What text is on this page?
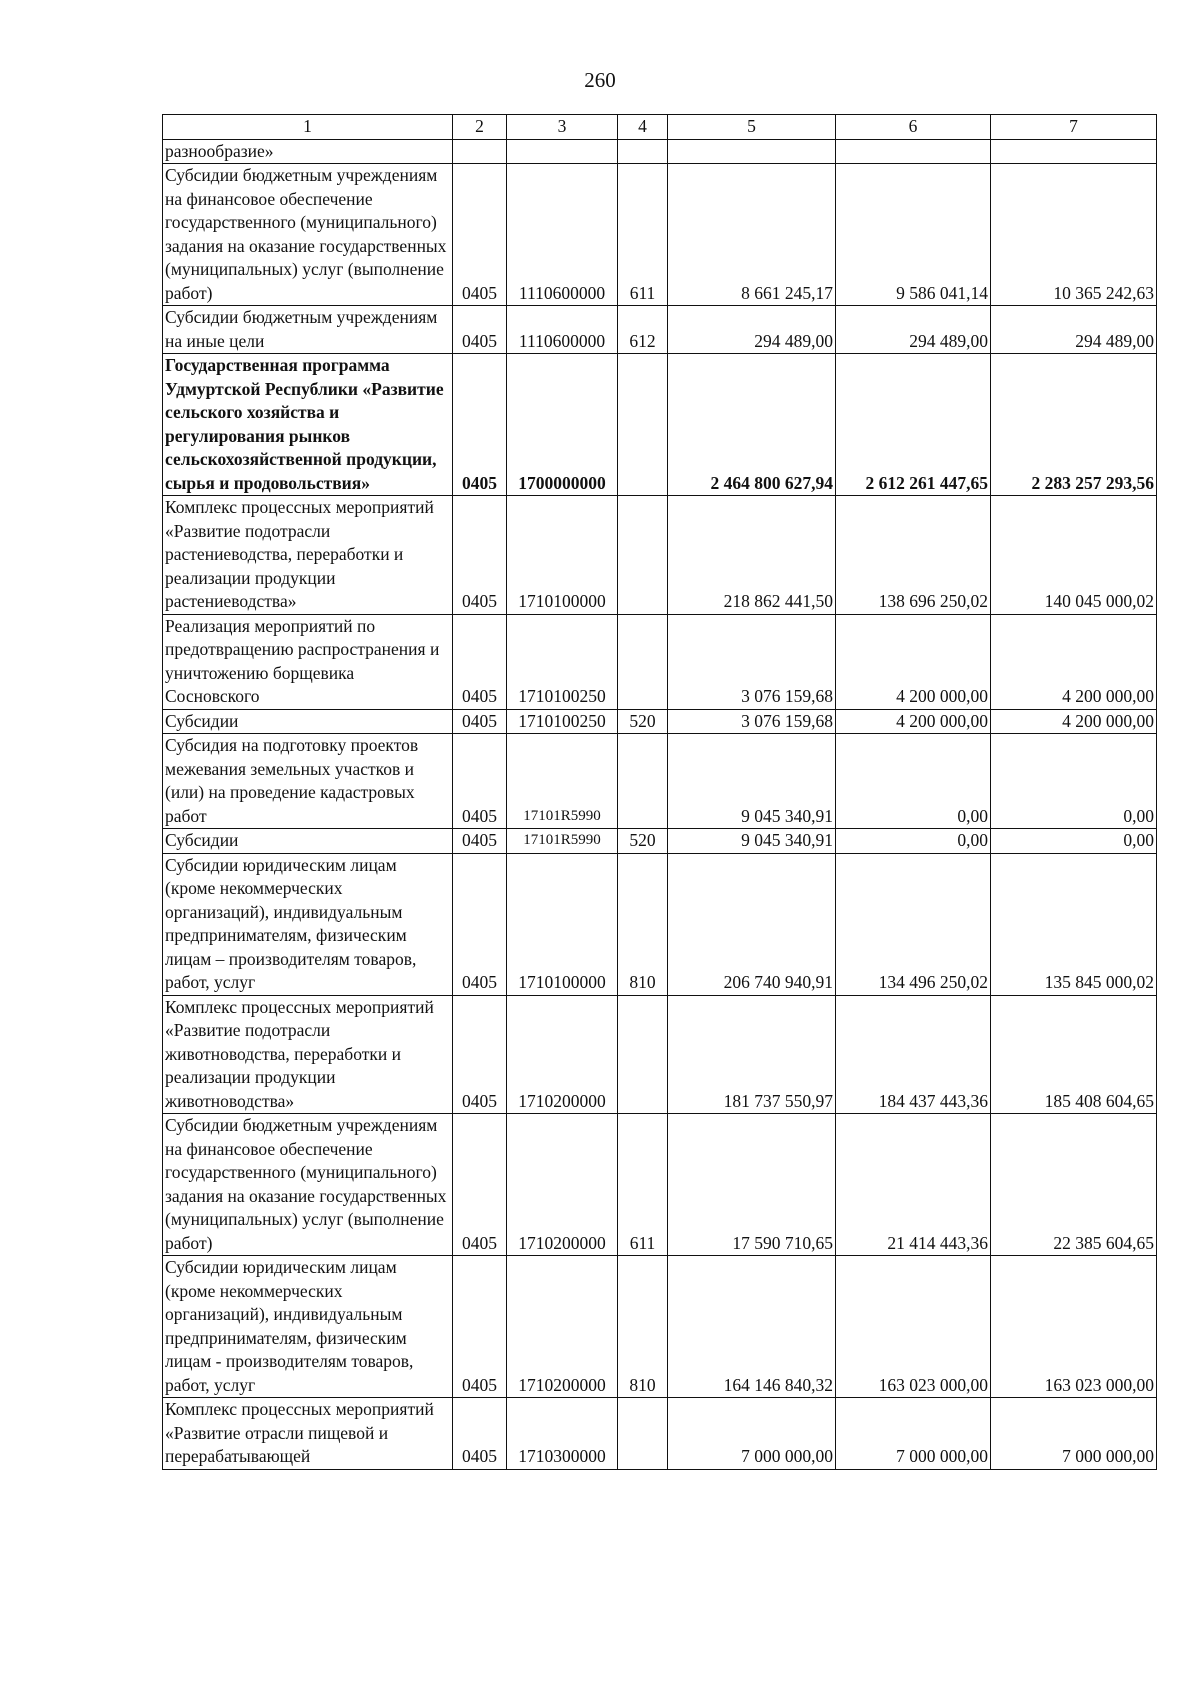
260
1	2	3	4	5	6	7
разнообразие»						
Субсидии бюджетным учреждениям на финансовое обеспечение государственного (муниципального) задания на оказание государственных (муниципальных) услуг (выполнение работ)	0405	1110600000	611	8 661 245,17	9 586 041,14	10 365 242,63
Субсидии бюджетным учреждениям на иные цели	0405	1110600000	612	294 489,00	294 489,00	294 489,00
Государственная программа Удмуртской Республики «Развитие сельского хозяйства и регулирования рынков сельскохозяйственной продукции, сырья и продовольствия»	0405	1700000000		2 464 800 627,94	2 612 261 447,65	2 283 257 293,56
Комплекс процессных мероприятий «Развитие подотрасли растениеводства, переработки и реализации продукции растениеводства»	0405	1710100000		218 862 441,50	138 696 250,02	140 045 000,02
Реализация мероприятий по предотвращению распространения и уничтожению борщевика Сосновского	0405	1710100250		3 076 159,68	4 200 000,00	4 200 000,00
Субсидии	0405	1710100250	520	3 076 159,68	4 200 000,00	4 200 000,00
Субсидия на подготовку проектов межевания земельных участков и (или) на проведение кадастровых работ	0405	17101R5990		9 045 340,91	0,00	0,00
Субсидии	0405	17101R5990	520	9 045 340,91	0,00	0,00
Субсидии юридическим лицам (кроме некоммерческих организаций), индивидуальным предпринимателям, физическим лицам – производителям товаров, работ, услуг	0405	1710100000	810	206 740 940,91	134 496 250,02	135 845 000,02
Комплекс процессных мероприятий «Развитие подотрасли животноводства, переработки и реализации продукции животноводства»	0405	1710200000		181 737 550,97	184 437 443,36	185 408 604,65
Субсидии бюджетным учреждениям на финансовое обеспечение государственного (муниципального) задания на оказание государственных (муниципальных) услуг (выполнение работ)	0405	1710200000	611	17 590 710,65	21 414 443,36	22 385 604,65
Субсидии юридическим лицам (кроме некоммерческих организаций), индивидуальным предпринимателям, физическим лицам - производителям товаров, работ, услуг	0405	1710200000	810	164 146 840,32	163 023 000,00	163 023 000,00
Комплекс процессных мероприятий «Развитие отрасли пищевой и перерабатывающей	0405	1710300000		7 000 000,00	7 000 000,00	7 000 000,00
